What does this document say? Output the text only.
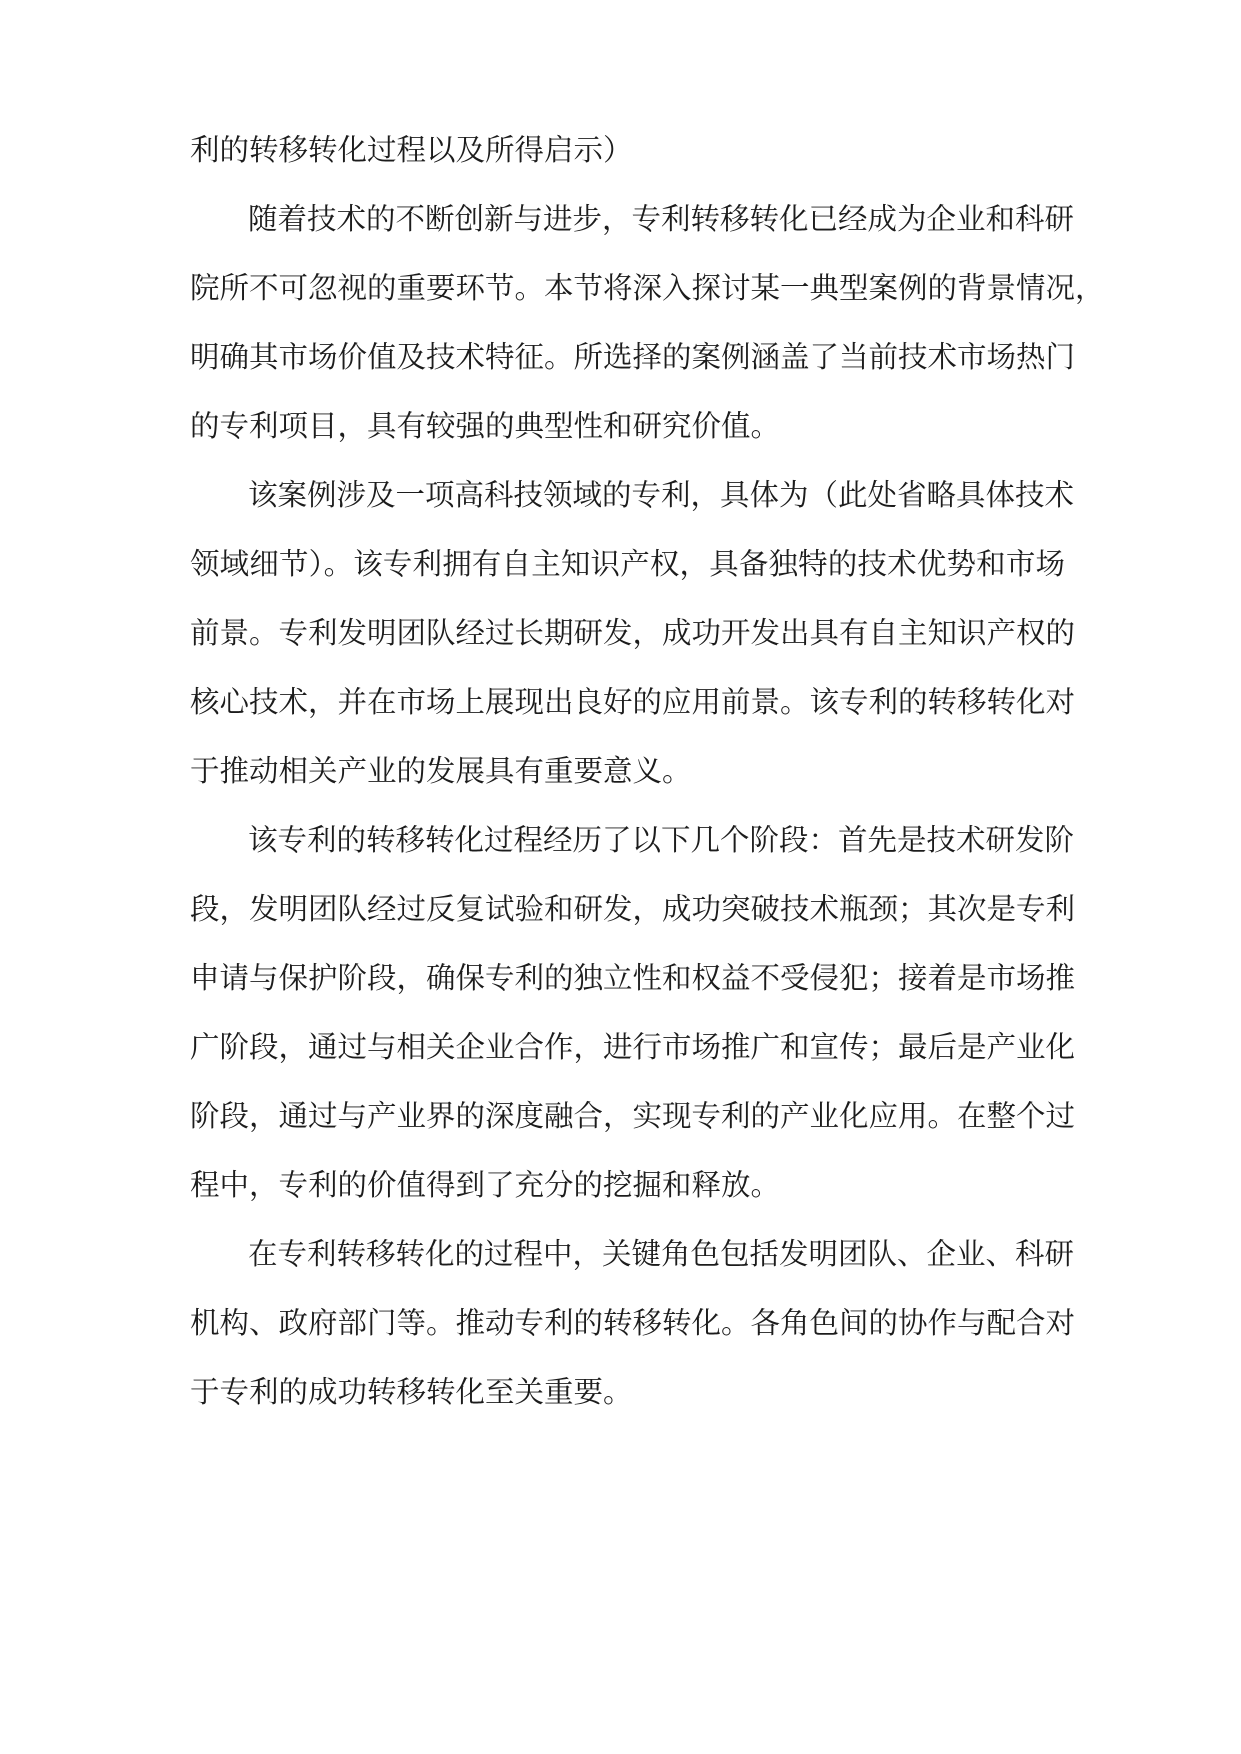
利的转移转化过程以及所得启示）
随着技术的不断创新与进步，专利转移转化已经成为企业和科研
院所不可忽视的重要环节。本节将深入探讨某一典型案例的背景情况，
明确其市场价值及技术特征。所选择的案例涵盖了当前技术市场热门
的专利项目，具有较强的典型性和研究价值。
该案例涉及一项高科技领域的专利，具体为（此处省略具体技术
领域细节）。该专利拥有自主知识产权，具备独特的技术优势和市场
前景。专利发明团队经过长期研发，成功开发出具有自主知识产权的
核心技术，并在市场上展现出良好的应用前景。该专利的转移转化对
于推动相关产业的发展具有重要意义。
该专利的转移转化过程经历了以下几个阶段：首先是技术研发阶
段，发明团队经过反复试验和研发，成功突破技术瓶颈；其次是专利
申请与保护阶段，确保专利的独立性和权益不受侵犯；接着是市场推
广阶段，通过与相关企业合作，进行市场推广和宣传；最后是产业化
阶段，通过与产业界的深度融合，实现专利的产业化应用。在整个过
程中，专利的价值得到了充分的挖掘和释放。
在专利转移转化的过程中，关键角色包括发明团队、企业、科研
机构、政府部门等。推动专利的转移转化。各角色间的协作与配合对
于专利的成功转移转化至关重要。
